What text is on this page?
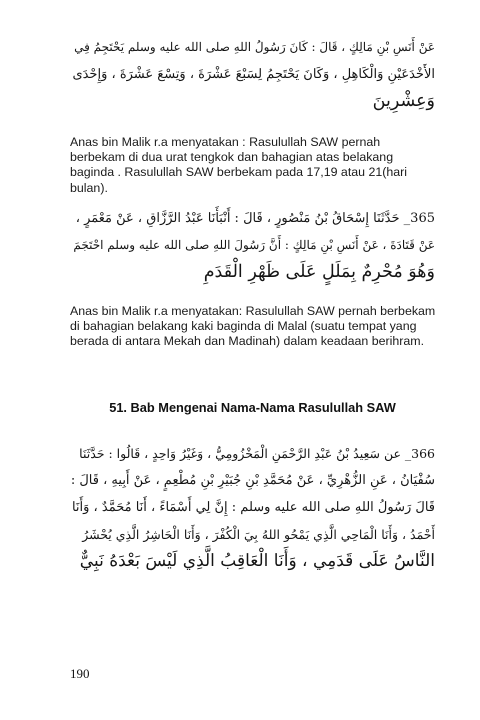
عَنْ أَنَسِ بْنِ مَالِكٍ ، قَالَ : كَانَ رَسُولُ اللهِ صلى الله عليه وسلم يَحْتَجِمُ فِي
الأَخْدَعَيْنِ وَالْكَاهِلِ ، وَكَانَ يَحْتَجِمُ لِسَبْعَ عَشْرَةَ ، وَتِسْعَ عَشْرَةَ ، وَإِحْدَى
وَعِشْرِينَ

Anas bin Malik r.a menyatakan : Rasulullah SAW pernah berbekam di dua urat tengkok dan bahagian atas belakang baginda . Rasulullah SAW berbekam pada 17,19 atau 21(hari bulan).

365_ حَدَّثَنَا إِسْحَاقُ بْنُ مَنْصُورٍ ، قَالَ : أَنْبَأَنَا عَبْدُ الرَّزَّاقِ ، عَنْ مَعْمَرٍ ،
عَنْ قَتَادَةَ ، عَنْ أَنَسِ بْنِ مَالِكٍ : أَنَّ رَسُولَ اللهِ صلى الله عليه وسلم احْتَجَمَ
وَهُوَ مُحْرِمٌ بِمَلَلٍ عَلَى ظَهْرِ الْقَدَمِ

Anas bin Malik r.a menyatakan: Rasulullah SAW pernah berbekam di bahagian belakang kaki baginda di Malal (suatu tempat yang berada di antara Mekah dan Madinah) dalam keadaan berihram.

51. Bab Mengenai Nama-Nama Rasulullah SAW
366_ عن سَعِيدُ بْنُ عَبْدِ الرَّحْمَنِ الْمَخْزُومِيُّ ، وَغَيْرُ وَاحِدٍ ، قَالُوا : حَدَّثَنَا
سُفْيَانُ ، عَنِ الزُّهْرِيِّ ، عَنْ مُحَمَّدِ بْنِ جُبَيْرِ بْنِ مُطْعِمٍ ، عَنْ أَبِيهِ ، قَالَ :
قَالَ رَسُولُ اللهِ صلى الله عليه وسلم : إِنَّ لِي أَسْمَاءً ، أَنَا مُحَمَّدٌ ، وَأَنَا
أَحْمَدُ ، وَأَنَا الْمَاحِي الَّذِي يَمْحُو اللهُ بِيَ الْكُفْرَ ، وَأَنَا الْحَاشِرُ الَّذِي يُحْشَرُ
النَّاسُ عَلَى قَدَمِي ، وَأَنَا الْعَاقِبُ الَّذِي لَيْسَ بَعْدَهُ نَبِيٌّ
190
